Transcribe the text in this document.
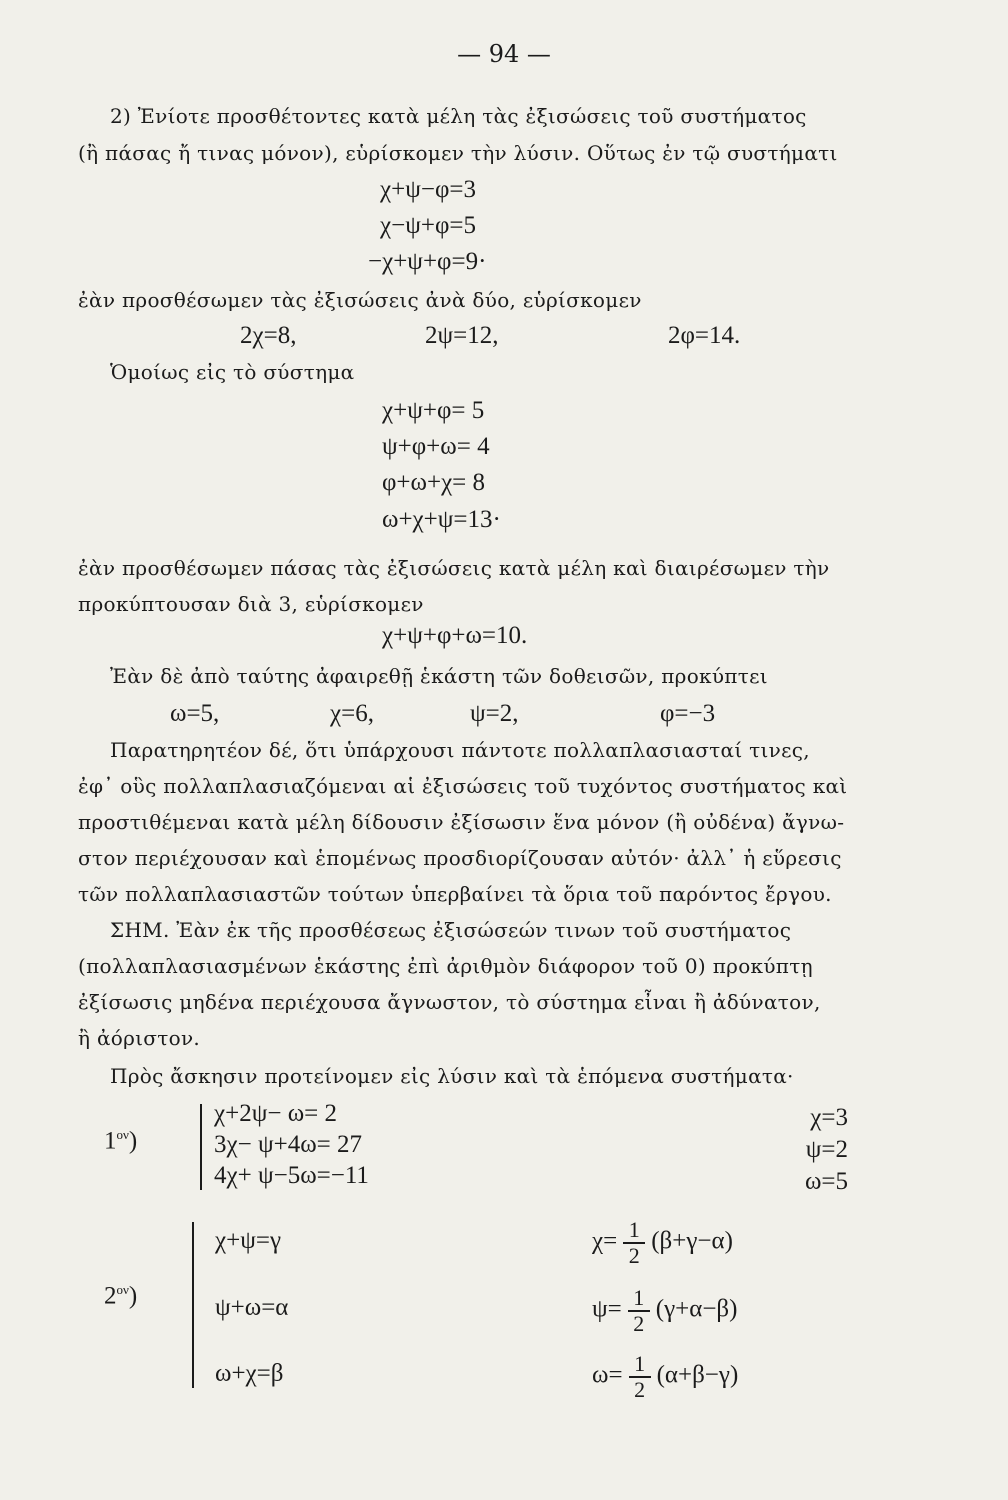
— 94 —
2) Ἐνίοτε προσθέτοντες κατὰ μέλη τὰς ἐξισώσεις τοῦ συστήματος
(ἢ πάσας ἤ τινας μόνον), εὑρίσκομεν τὴν λύσιν. Οὕτως ἐν τῷ συστήματι
χ+ψ−φ=3
χ−ψ+φ=5
−χ+ψ+φ=9·
ἐὰν προσθέσωμεν τὰς ἐξισώσεις ἀνὰ δύο, εὑρίσκομεν
2χ=8,	2ψ=12,	2φ=14.
Ὁμοίως εἰς τὸ σύστημα
χ+ψ+φ= 5
ψ+φ+ω= 4
φ+ω+χ= 8
ω+χ+ψ=13·
ἐὰν προσθέσωμεν πάσας τὰς ἐξισώσεις κατὰ μέλη καὶ διαιρέσωμεν τὴν
προκύπτουσαν διὰ 3, εὑρίσκομεν
χ+ψ+φ+ω=10.
Ἐὰν δὲ ἀπὸ ταύτης ἀφαιρεθῇ ἑκάστη τῶν δοθεισῶν, προκύπτει
ω=5,	χ=6,	ψ=2,	φ=−3
Παρατηρητέον δέ, ὅτι ὑπάρχουσι πάντοτε πολλαπλασιασταί τινες,
ἐφ᾽ οὓς πολλαπλασιαζόμεναι αἱ ἐξισώσεις τοῦ τυχόντος συστήματος καὶ
προστιθέμεναι κατὰ μέλη δίδουσιν ἐξίσωσιν ἕνα μόνον (ἢ οὐδένα) ἄγνω-
στον περιέχουσαν καὶ ἑπομένως προσδιορίζουσαν αὐτόν· ἀλλ᾽ ἡ εὕρεσις
τῶν πολλαπλασιαστῶν τούτων ὑπερβαίνει τὰ ὅρια τοῦ παρόντος ἔργου.
ΣΗΜ. Ἐὰν ἐκ τῆς προσθέσεως ἐξισώσεών τινων τοῦ συστήματος
(πολλαπλασιασμένων ἑκάστης ἐπὶ ἀριθμὸν διάφορον τοῦ 0) προκύπτῃ
ἐξίσωσις μηδένα περιέχουσα ἄγνωστον, τὸ σύστημα εἶναι ἢ ἀδύνατον,
ἢ ἀόριστον.
Πρὸς ἄσκησιν προτείνομεν εἰς λύσιν καὶ τὰ ἑπόμενα συστήματα·
$1^{o\nu}$)
χ+2ψ− ω= 2
3χ− ψ+4ω= 27
4χ+ ψ−5ω=−11
χ=3
ψ=2
ω=5
$2^{o\nu}$)
χ+ψ=γ
ψ+ω=α
ω+χ=β
$\chi= \frac{1}{2} (\beta+\gamma-\alpha)$
$\psi= \frac{1}{2} (\gamma+\alpha-\beta)$
$\omega= \frac{1}{2} (\alpha+\beta-\gamma)$
